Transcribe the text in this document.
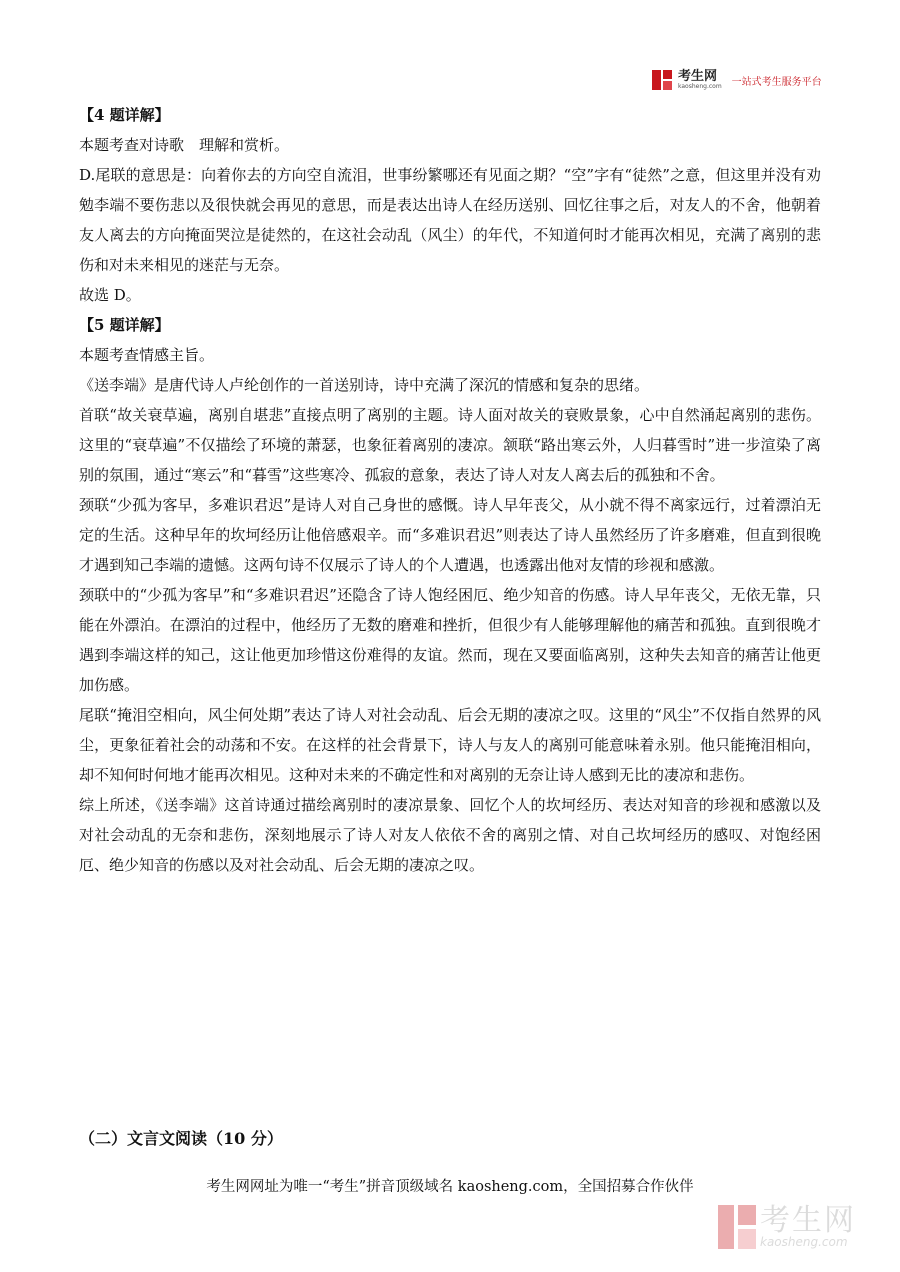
考生网
kaosheng.com 一站式考生服务平台

【4 题详解】

本题考查对诗歌　理解和赏析。

D.尾联的意思是：向着你去的方向空自流泪，世事纷繁哪还有见面之期？“空”字有“徒然”之意，但这里并没有劝勉李端不要伤悲以及很快就会再见的意思，而是表达出诗人在经历送别、回忆往事之后，对友人的不舍，他朝着友人离去的方向掩面哭泣是徒然的，在这社会动乱（风尘）的年代，不知道何时才能再次相见，充满了离别的悲伤和对未来相见的迷茫与无奈。

故选 D。

【5 题详解】

本题考查情感主旨。

《送李端》是唐代诗人卢纶创作的一首送别诗，诗中充满了深沉的情感和复杂的思绪。

首联“故关衰草遍，离别自堪悲”直接点明了离别的主题。诗人面对故关的衰败景象，心中自然涌起离别的悲伤。这里的“衰草遍”不仅描绘了环境的萧瑟，也象征着离别的凄凉。颔联“路出寒云外，人归暮雪时”进一步渲染了离别的氛围，通过“寒云”和“暮雪”这些寒冷、孤寂的意象，表达了诗人对友人离去后的孤独和不舍。

颈联“少孤为客早，多难识君迟”是诗人对自己身世的感慨。诗人早年丧父，从小就不得不离家远行，过着漂泊无定的生活。这种早年的坎坷经历让他倍感艰辛。而“多难识君迟”则表达了诗人虽然经历了许多磨难，但直到很晚才遇到知己李端的遗憾。这两句诗不仅展示了诗人的个人遭遇，也透露出他对友情的珍视和感激。

颈联中的“少孤为客早”和“多难识君迟”还隐含了诗人饱经困厄、绝少知音的伤感。诗人早年丧父，无依无靠，只能在外漂泊。在漂泊的过程中，他经历了无数的磨难和挫折，但很少有人能够理解他的痛苦和孤独。直到很晚才遇到李端这样的知己，这让他更加珍惜这份难得的友谊。然而，现在又要面临离别，这种失去知音的痛苦让他更加伤感。

尾联“掩泪空相向，风尘何处期”表达了诗人对社会动乱、后会无期的凄凉之叹。这里的“风尘”不仅指自然界的风尘，更象征着社会的动荡和不安。在这样的社会背景下，诗人与友人的离别可能意味着永别。他只能掩泪相向，却不知何时何地才能再次相见。这种对未来的不确定性和对离别的无奈让诗人感到无比的凄凉和悲伤。

综上所述，《送李端》这首诗通过描绘离别时的凄凉景象、回忆个人的坎坷经历、表达对知音的珍视和感激以及对社会动乱的无奈和悲伤，深刻地展示了诗人对友人依依不舍的离别之情、对自己坎坷经历的感叹、对饱经困厄、绝少知音的伤感以及对社会动乱、后会无期的凄凉之叹。

（二）文言文阅读（10 分）
考生网网址为唯一“考生”拼音顶级域名 kaosheng.com，全国招募合作伙伴
考生网
kaosheng.com
